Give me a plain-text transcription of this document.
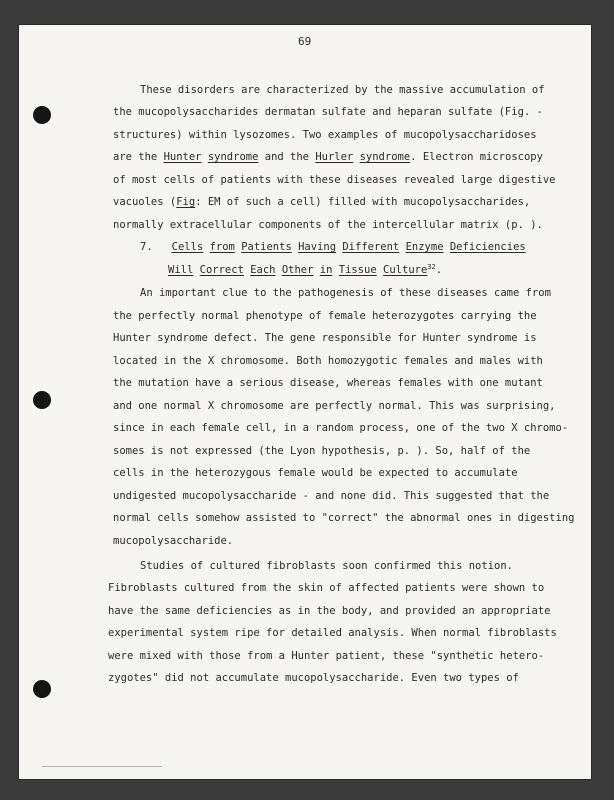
69
These disorders are characterized by the massive accumulation of
the mucopolysaccharides dermatan sulfate and heparan sulfate (Fig. -
structures) within lysozomes. Two examples of mucopolysaccharidoses
are the Hunter syndrome and the Hurler syndrome. Electron microscopy
of most cells of patients with these diseases revealed large digestive
vacuoles (Fig: EM of such a cell) filled with mucopolysaccharides,
normally extracellular components of the intercellular matrix (p. ).
7. Cells from Patients Having Different Enzyme Deficiencies
Will Correct Each Other in Tissue Culture$^{32}$.
An important clue to the pathogenesis of these diseases came from
the perfectly normal phenotype of female heterozygotes carrying the
Hunter syndrome defect. The gene responsible for Hunter syndrome is
located in the X chromosome. Both homozygotic females and males with
the mutation have a serious disease, whereas females with one mutant
and one normal X chromosome are perfectly normal. This was surprising,
since in each female cell, in a random process, one of the two X chromo-
somes is not expressed (the Lyon hypothesis, p. ). So, half of the
cells in the heterozygous female would be expected to accumulate
undigested mucopolysaccharide - and none did. This suggested that the
normal cells somehow assisted to "correct" the abnormal ones in digesting
mucopolysaccharide.
Studies of cultured fibroblasts soon confirmed this notion.
Fibroblasts cultured from the skin of affected patients were shown to
have the same deficiencies as in the body, and provided an appropriate
experimental system ripe for detailed analysis. When normal fibroblasts
were mixed with those from a Hunter patient, these "synthetic hetero-
zygotes" did not accumulate mucopolysaccharide. Even two types of
